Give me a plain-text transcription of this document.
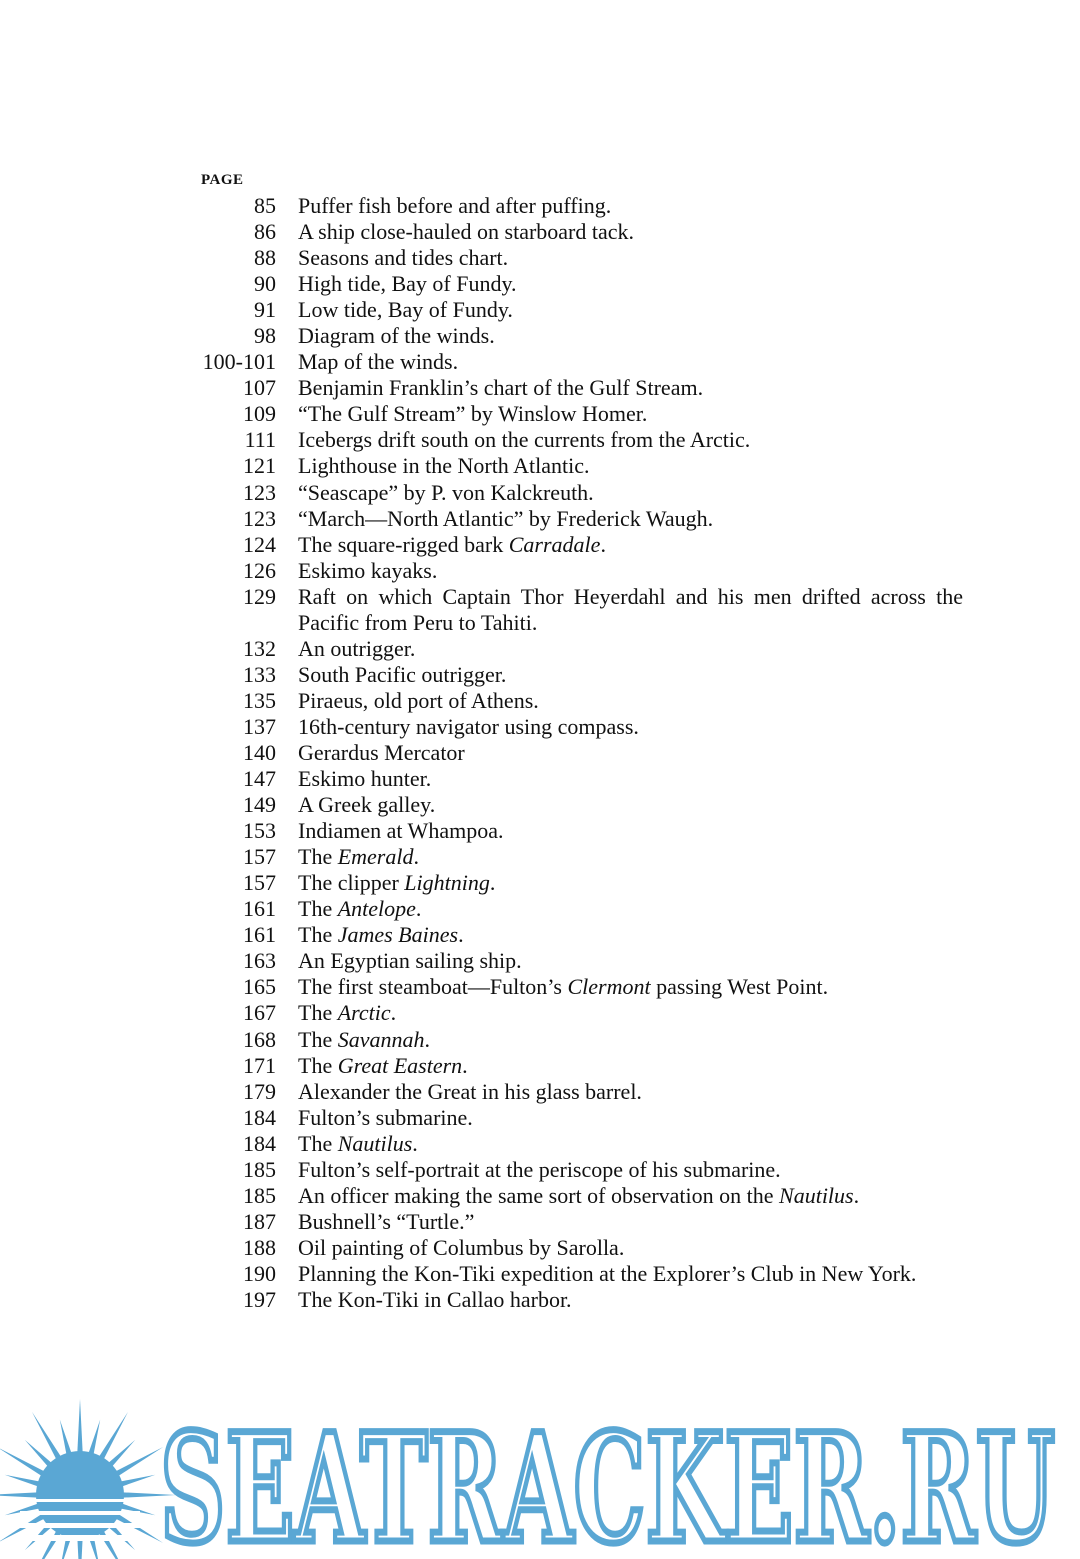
PAGE
85 Puffer fish before and after puffing.
86 A ship close-hauled on starboard tack.
88 Seasons and tides chart.
90 High tide, Bay of Fundy.
91 Low tide, Bay of Fundy.
98 Diagram of the winds.
100-101 Map of the winds.
107 Benjamin Franklin’s chart of the Gulf Stream.
109 “The Gulf Stream” by Winslow Homer.
111 Icebergs drift south on the currents from the Arctic.
121 Lighthouse in the North Atlantic.
123 “Seascape” by P. von Kalckreuth.
123 “March—North Atlantic” by Frederick Waugh.
124 The square-rigged bark Carradale.
126 Eskimo kayaks.
129 Raft on which Captain Thor Heyerdahl and his men drifted across the Pacific from Peru to Tahiti.
132 An outrigger.
133 South Pacific outrigger.
135 Piraeus, old port of Athens.
137 16th-century navigator using compass.
140 Gerardus Mercator
147 Eskimo hunter.
149 A Greek galley.
153 Indiamen at Whampoa.
157 The Emerald.
157 The clipper Lightning.
161 The Antelope.
161 The James Baines.
163 An Egyptian sailing ship.
165 The first steamboat—Fulton’s Clermont passing West Point.
167 The Arctic.
168 The Savannah.
171 The Great Eastern.
179 Alexander the Great in his glass barrel.
184 Fulton’s submarine.
184 The Nautilus.
185 Fulton’s self-portrait at the periscope of his submarine.
185 An officer making the same sort of observation on the Nautilus.
187 Bushnell’s “Turtle.”
188 Oil painting of Columbus by Sarolla.
190 Planning the Kon-Tiki expedition at the Explorer’s Club in New York.
197 The Kon-Tiki in Callao harbor.
SEATRACKER.RU
